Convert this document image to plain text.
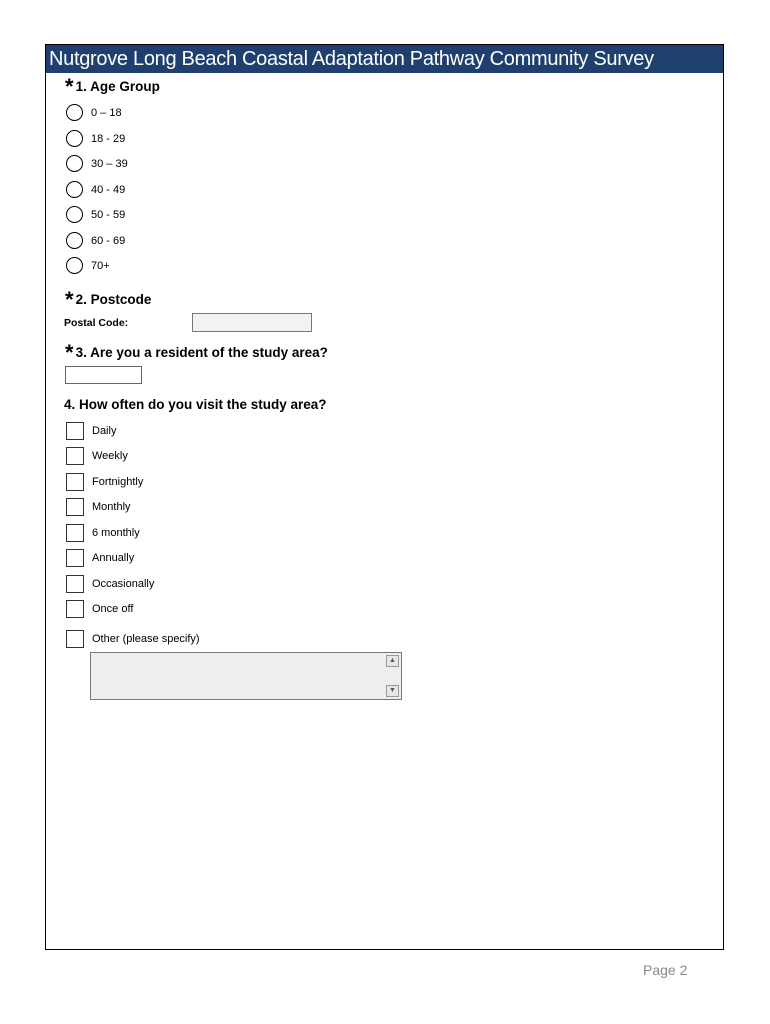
Nutgrove Long Beach Coastal Adaptation Pathway Community Survey
* 1. Age Group
0 – 18
18 - 29
30 – 39
40 - 49
50 - 59
60 - 69
70+
* 2. Postcode
Postal Code:
* 3. Are you a resident of the study area?
4. How often do you visit the study area?
Daily
Weekly
Fortnightly
Monthly
6 monthly
Annually
Occasionally
Once off
Other (please specify)
▲
▼
Page 2
